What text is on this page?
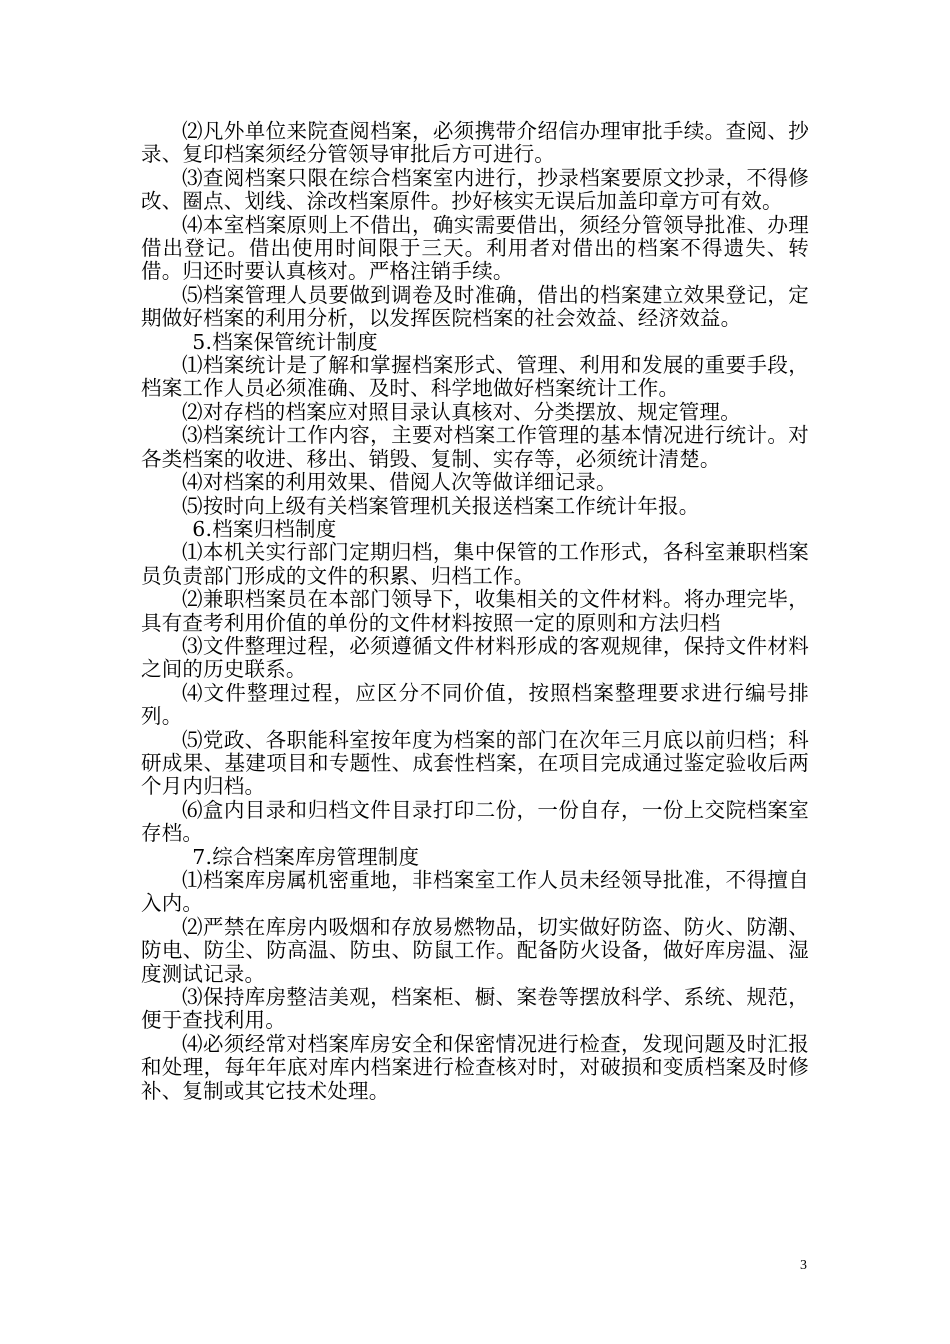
⑵凡外单位来院查阅档案，必须携带介绍信办理审批手续。查阅、抄录、复印档案须经分管领导审批后方可进行。

⑶查阅档案只限在综合档案室内进行，抄录档案要原文抄录，不得修改、圈点、划线、涂改档案原件。抄好核实无误后加盖印章方可有效。

⑷本室档案原则上不借出，确实需要借出，须经分管领导批准、办理借出登记。借出使用时间限于三天。利用者对借出的档案不得遗失、转借。归还时要认真核对。严格注销手续。

⑸档案管理人员要做到调卷及时准确，借出的档案建立效果登记，定期做好档案的利用分析，以发挥医院档案的社会效益、经济效益。

5.档案保管统计制度

⑴档案统计是了解和掌握档案形式、管理、利用和发展的重要手段，档案工作人员必须准确、及时、科学地做好档案统计工作。

⑵对存档的档案应对照目录认真核对、分类摆放、规定管理。

⑶档案统计工作内容，主要对档案工作管理的基本情况进行统计。对各类档案的收进、移出、销毁、复制、实存等，必须统计清楚。

⑷对档案的利用效果、借阅人次等做详细记录。

⑸按时向上级有关档案管理机关报送档案工作统计年报。

6.档案归档制度

⑴本机关实行部门定期归档，集中保管的工作形式，各科室兼职档案员负责部门形成的文件的积累、归档工作。

⑵兼职档案员在本部门领导下，收集相关的文件材料。将办理完毕，具有查考利用价值的单份的文件材料按照一定的原则和方法归档

⑶文件整理过程，必须遵循文件材料形成的客观规律，保持文件材料之间的历史联系。

⑷文件整理过程，应区分不同价值，按照档案整理要求进行编号排列。

⑸党政、各职能科室按年度为档案的部门在次年三月底以前归档；科研成果、基建项目和专题性、成套性档案，在项目完成通过鉴定验收后两个月内归档。

⑹盒内目录和归档文件目录打印二份，一份自存，一份上交院档案室存档。

7.综合档案库房管理制度

⑴档案库房属机密重地，非档案室工作人员未经领导批准，不得擅自入内。

⑵严禁在库房内吸烟和存放易燃物品，切实做好防盗、防火、防潮、防电、防尘、防高温、防虫、防鼠工作。配备防火设备，做好库房温、湿度测试记录。

⑶保持库房整洁美观，档案柜、橱、案卷等摆放科学、系统、规范，便于查找利用。

⑷必须经常对档案库房安全和保密情况进行检查，发现问题及时汇报和处理，每年年底对库内档案进行检查核对时，对破损和变质档案及时修补、复制或其它技术处理。

3
